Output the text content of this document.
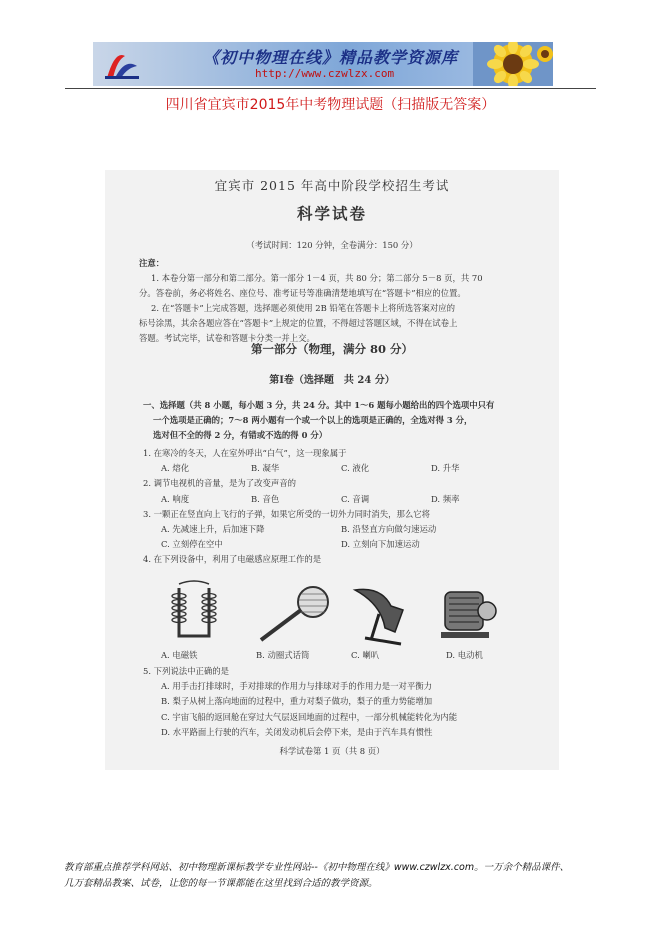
《初中物理在线》精品教学资源库
http://www.czwlzx.com
四川省宜宾市2015年中考物理试题（扫描版无答案）
宜宾市 2015 年高中阶段学校招生考试
科学试卷
（考试时间：120 分钟，全卷满分：150 分）

注意：

1. 本卷分第一部分和第二部分。第一部分 1－4 页，共 80 分；第二部分 5－8 页，共 70

分。答卷前，务必将姓名、座位号、准考证号等准确清楚地填写在“答题卡”相应的位置。

2. 在“答题卡”上完成答题，选择题必须使用 2B 铅笔在答题卡上将所选答案对应的

标号涂黑，其余各题应答在“答题卡”上规定的位置，不得超过答题区域，不得在试卷上

答题。考试完毕，试卷和答题卡分类一并上交。

第一部分（物理，满分 80 分）
第Ⅰ卷（选择题　共 24 分）

一、选择题（共 8 小题，每小题 3 分，共 24 分。其中 1～6 题每小题给出的四个选项中只有

一个选项是正确的；7～8 两小题有一个或一个以上的选项是正确的，全选对得 3 分，

选对但不全的得 2 分，有错或不选的得 0 分）

1. 在寒冷的冬天，人在室外呼出“白气”，这一现象属于
A. 熔化	B. 凝华	C. 液化	D. 升华
2. 调节电视机的音量，是为了改变声音的
A. 响度	B. 音色	C. 音调	D. 频率
3. 一颗正在竖直向上飞行的子弹，如果它所受的一切外力同时消失，那么它将
A. 先减速上升，后加速下降	B. 沿竖直方向做匀速运动
C. 立刻停在空中	D. 立刻向下加速运动
4. 在下列设备中，利用了电磁感应原理工作的是
A. 电磁铁	B. 动圈式话筒	C. 喇叭	D. 电动机
5. 下列说法中正确的是
A. 用手击打排球时，手对排球的作用力与排球对手的作用力是一对平衡力
B. 梨子从树上落向地面的过程中，重力对梨子做功，梨子的重力势能增加
C. 宇宙飞船的返回舱在穿过大气层返回地面的过程中，一部分机械能转化为内能
D. 水平路面上行驶的汽车，关闭发动机后会停下来，是由于汽车具有惯性
科学试卷第 1 页（共 8 页）
教育部重点推荐学科网站、初中物理新课标教学专业性网站--《初中物理在线》www.czwlzx.com。一万余个精品课件、
几万套精品教案、试卷，让您的每一节课都能在这里找到合适的教学资源。
